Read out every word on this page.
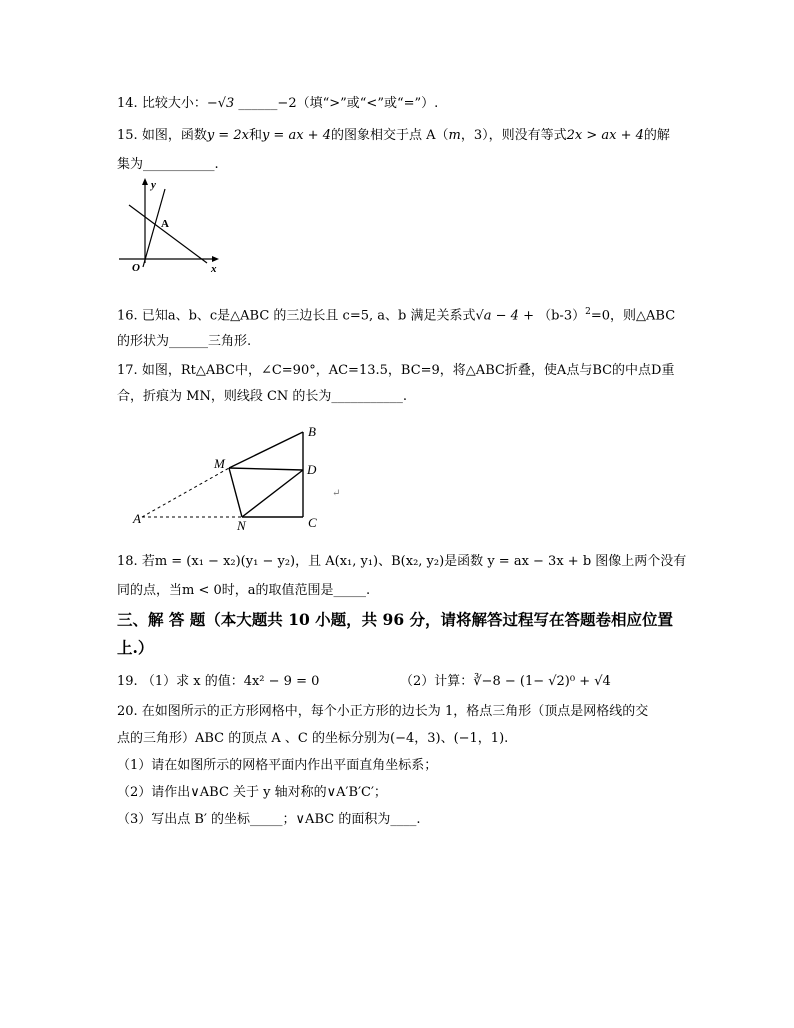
14. 比较大小：−√3 ______−2（填“>”或“<”或“=”）.
15. 如图，函数y = 2x和y = ax + 4的图象相交于点 A（m，3），则没有等式2x > ax + 4的解
集为___________.
y
x
O
A
16. 已知a、b、c是△ABC 的三边长且 c=5, a、b 满足关系式$√a - 4 + (b-3)^2=0$，则△ABC
的形状为______三角形.
17. 如图，Rt△ABC中，∠C=90°，AC=13.5，BC=9，将△ABC折叠，使A点与BC的中点D重
合，折痕为 MN，则线段 CN 的长为___________.
B
M	D
A	N	C
↵
18. 若m = (x₁ − x₂)(y₁ − y₂)，且 A(x₁, y₁)、B(x₂, y₂)是函数 y = ax − 3x + b 图像上两个没有
同的点，当m < 0时，a的取值范围是_____.
三、解 答 题（本大题共 10 小题，共 96 分，请将解答过程写在答题卷相应位置
上.）
19. （1）求 x 的值：4x² − 9 = 0	（2）计算：∛−8 − (1− √2)⁰ + √4
20. 在如图所示的正方形网格中，每个小正方形的边长为 1，格点三角形（顶点是网格线的交
点的三角形）ABC 的顶点 A 、C 的坐标分别为(−4，3)、(−1，1).
（1）请在如图所示的网格平面内作出平面直角坐标系；
（2）请作出∨ABC 关于 y 轴对称的∨A′B′C′；
（3）写出点 B′ 的坐标_____；∨ABC 的面积为____.
